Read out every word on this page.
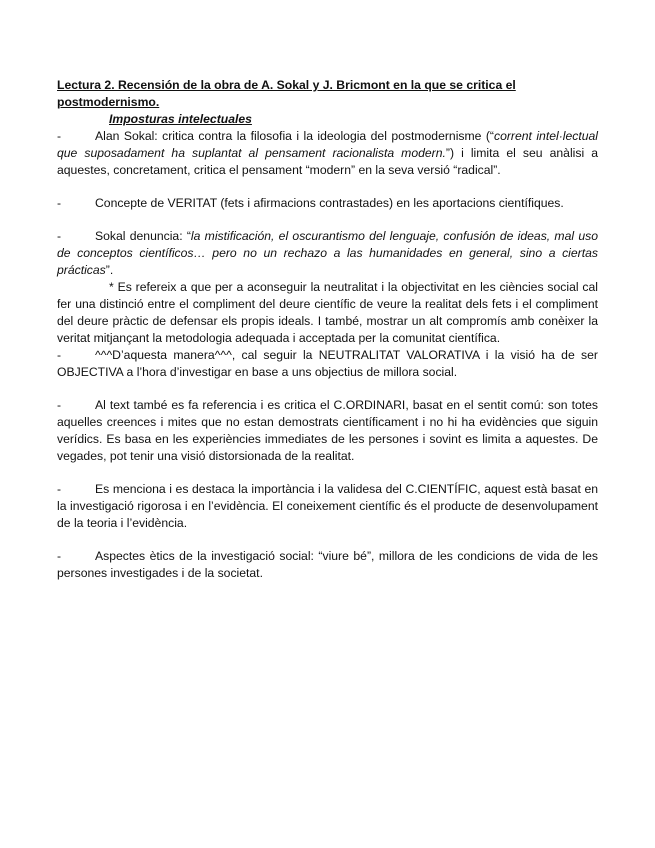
Lectura 2. Recensión de la obra de A. Sokal y J. Bricmont en la que se critica el postmodernismo.

Imposturas intelectuales

-	Alan Sokal: critica contra la filosofia i la ideologia del postmodernisme (“corrent intel·lectual que suposadament ha suplantat al pensament racionalista modern.”) i limita el seu anàlisi a aquestes, concretament, critica el pensament “modern” en la seva versió “radical”.

-	Concepte de VERITAT (fets i afirmacions contrastades) en les aportacions científiques.

-	Sokal denuncia: “la mistificación, el oscurantismo del lenguaje, confusión de ideas, mal uso de conceptos científicos… pero no un rechazo a las humanidades en general, sino a ciertas prácticas”.

* Es refereix a que per a aconseguir la neutralitat i la objectivitat en les ciències social cal fer una distinció entre el compliment del deure científic de veure la realitat dels fets i el compliment del deure pràctic de defensar els propis ideals. I també, mostrar un alt compromís amb conèixer la veritat mitjançant la metodologia adequada i acceptada per la comunitat científica.

-	^^^D’aquesta manera^^^, cal seguir la NEUTRALITAT VALORATIVA i la visió ha de ser OBJECTIVA a l’hora d’investigar en base a uns objectius de millora social.

-	Al text també es fa referencia i es critica el C.ORDINARI, basat en el sentit comú: son totes aquelles creences i mites que no estan demostrats científicament i no hi ha evidències que siguin verídics. Es basa en les experiències immediates de les persones i sovint es limita a aquestes. De vegades, pot tenir una visió distorsionada de la realitat.

-	Es menciona i es destaca la importància i la validesa del C.CIENTÍFIC, aquest està basat en la investigació rigorosa i en l’evidència. El coneixement científic és el producte de desenvolupament de la teoria i l’evidència.

-	Aspectes ètics de la investigació social: “viure bé”, millora de les condicions de vida de les persones investigades i de la societat.
